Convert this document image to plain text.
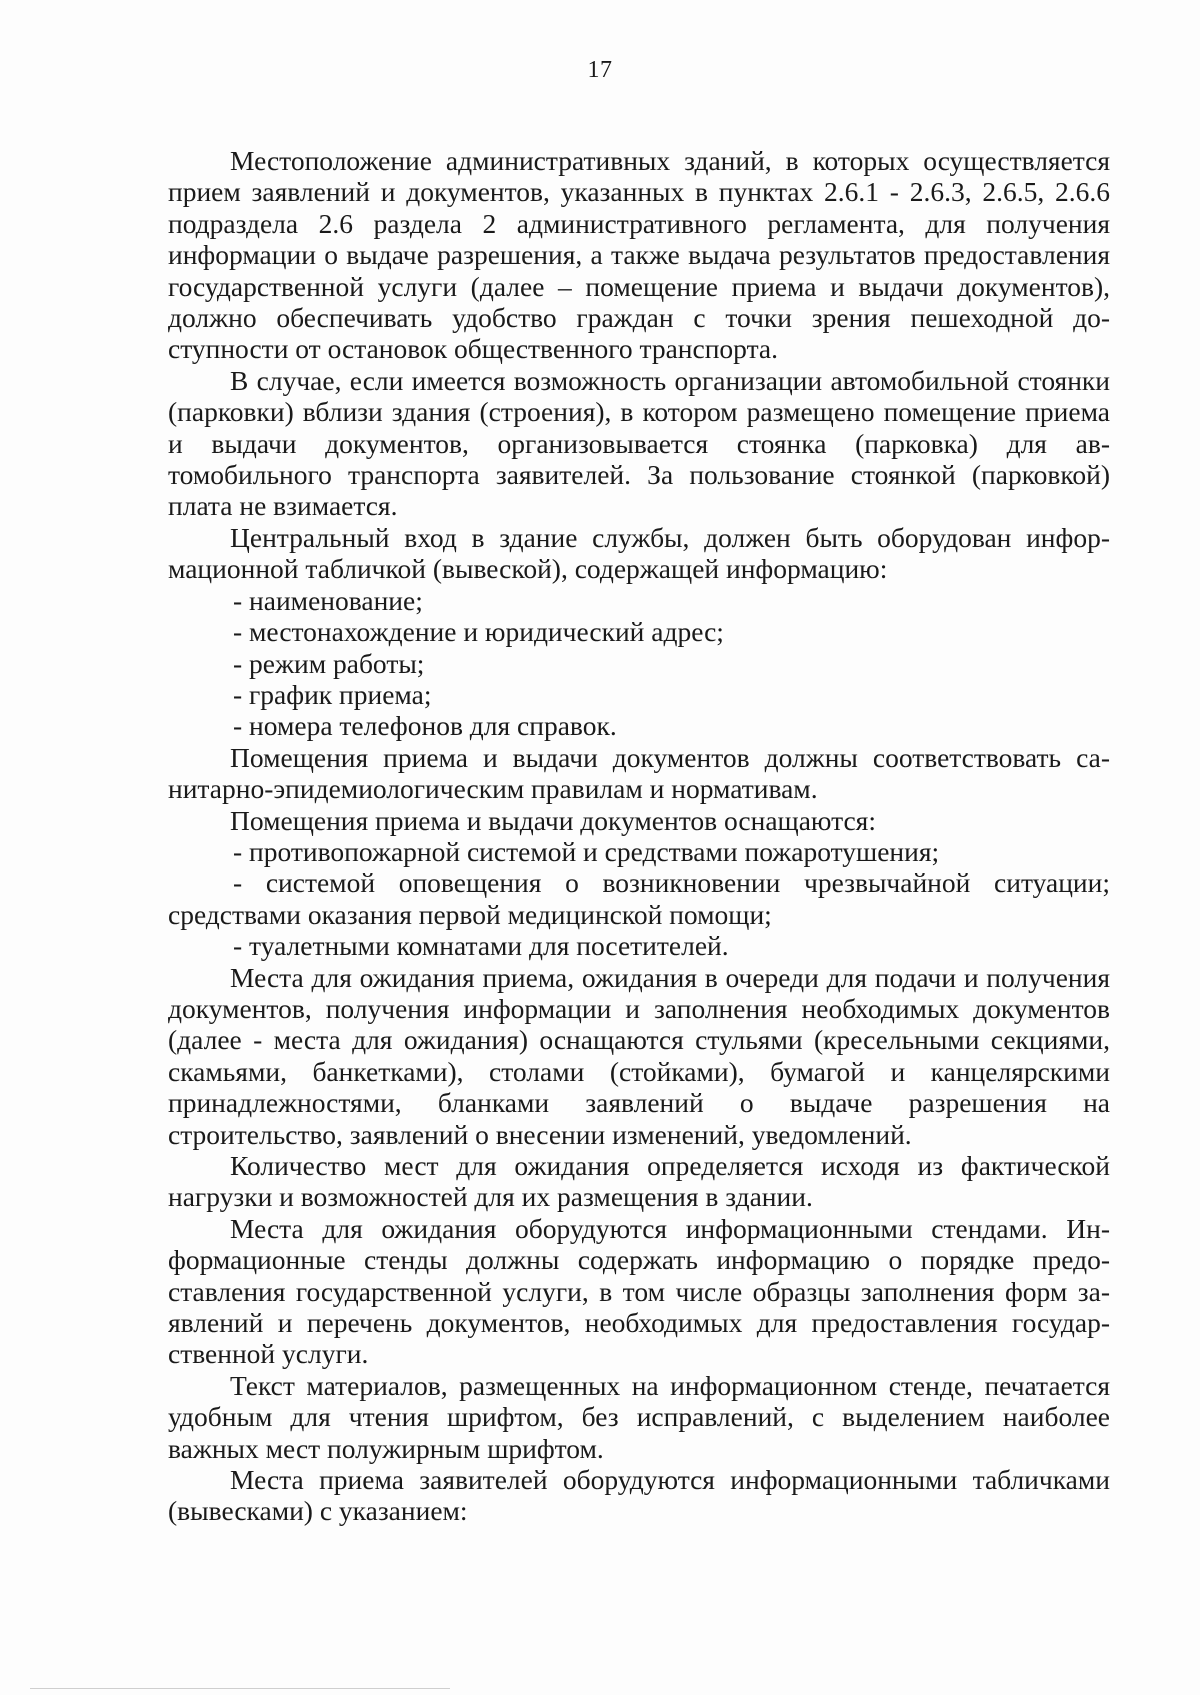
17

Местоположение административных зданий, в которых осуществляется прием заявлений и документов, указанных в пунктах 2.6.1 - 2.6.3, 2.6.5, 2.6.6 подраздела 2.6 раздела 2 административного регламента, для получения информации о выдаче разрешения, а также выдача результатов предоставления государственной услуги (далее – помещение приема и выдачи документов), должно обеспечивать удобство граждан с точки зрения пешеходной доступности от остановок общественного транспорта.

В случае, если имеется возможность организации автомобильной стоянки (парковки) вблизи здания (строения), в котором размещено помещение приема и выдачи документов, организовывается стоянка (парковка) для автомобильного транспорта заявителей. За пользование стоянкой (парковкой) плата не взимается.

Центральный вход в здание службы, должен быть оборудован информационной табличкой (вывеской), содержащей информацию:

- наименование;

- местонахождение и юридический адрес;

- режим работы;

- график приема;

- номера телефонов для справок.

Помещения приема и выдачи документов должны соответствовать санитарно-эпидемиологическим правилам и нормативам.

Помещения приема и выдачи документов оснащаются:

- противопожарной системой и средствами пожаротушения;

- системой оповещения о возникновении чрезвычайной ситуации; средствами оказания первой медицинской помощи;

- туалетными комнатами для посетителей.

Места для ожидания приема, ожидания в очереди для подачи и получения документов, получения информации и заполнения необходимых документов (далее - места для ожидания) оснащаются стульями (кресельными секциями, скамьями, банкетками), столами (стойками), бумагой и канцелярскими принадлежностями, бланками заявлений о выдаче разрешения на строительство, заявлений о внесении изменений, уведомлений.

Количество мест для ожидания определяется исходя из фактической нагрузки и возможностей для их размещения в здании.

Места для ожидания оборудуются информационными стендами. Информационные стенды должны содержать информацию о порядке предоставления государственной услуги, в том числе образцы заполнения форм заявлений и перечень документов, необходимых для предоставления государственной услуги.

Текст материалов, размещенных на информационном стенде, печатается удобным для чтения шрифтом, без исправлений, с выделением наиболее важных мест полужирным шрифтом.

Места приема заявителей оборудуются информационными табличками (вывесками) с указанием:
